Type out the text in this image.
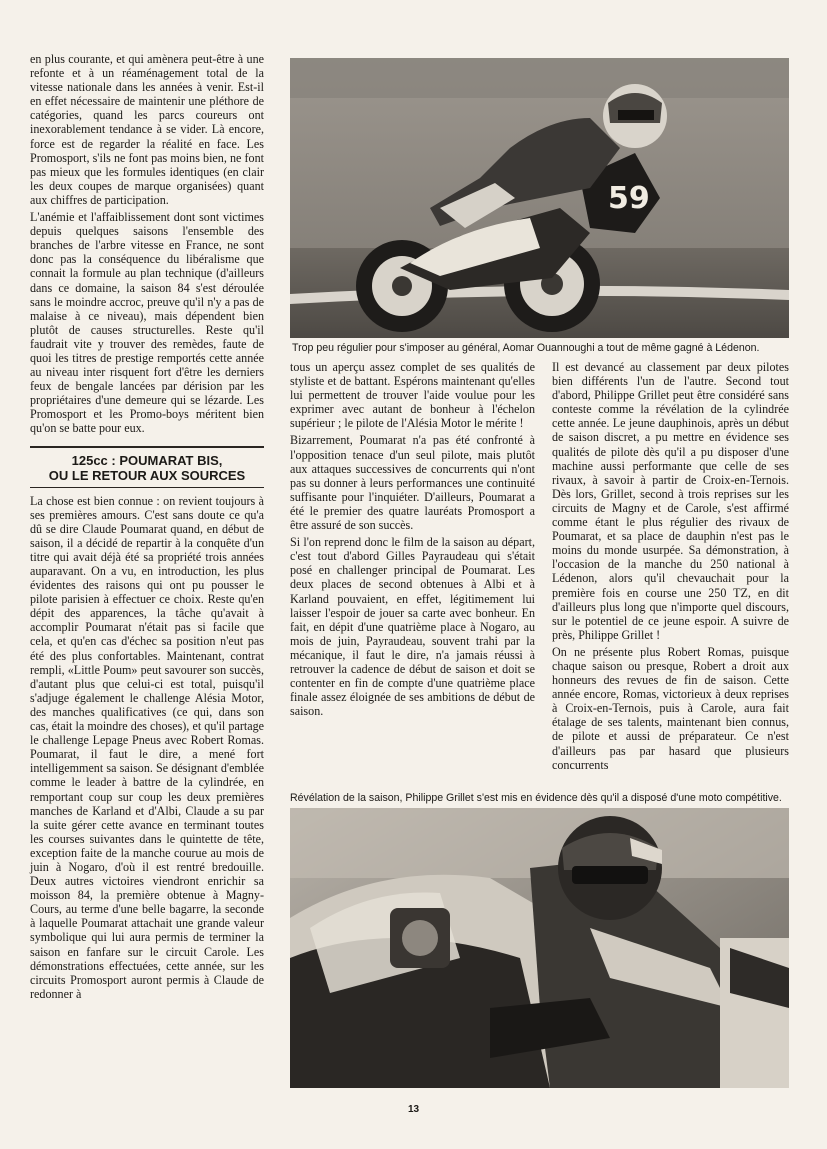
en plus courante, et qui amènera peut-être à une refonte et à un réaménagement total de la vitesse nationale dans les années à venir. Est-il en effet nécessaire de maintenir une pléthore de catégories, quand les parcs coureurs ont inexorablement tendance à se vider. Là encore, force est de regarder la réalité en face. Les Promosport, s'ils ne font pas moins bien, ne font pas mieux que les formules identiques (en clair les deux coupes de marque organisées) quant aux chiffres de participation.

L'anémie et l'affaiblissement dont sont victimes depuis quelques saisons l'ensemble des branches de l'arbre vitesse en France, ne sont donc pas la conséquence du libéralisme que connait la formule au plan technique (d'ailleurs dans ce domaine, la saison 84 s'est déroulée sans le moindre accroc, preuve qu'il n'y a pas de malaise à ce niveau), mais dépendent bien plutôt de causes structurelles. Reste qu'il faudrait vite y trouver des remèdes, faute de quoi les titres de prestige remportés cette année au niveau inter risquent fort d'être les derniers feux de bengale lancées par dérision par les propriétaires d'une demeure qui se lézarde. Les Promosport et les Promo-boys méritent bien qu'on se batte pour eux.

125cc : POUMARAT BIS,
OU LE RETOUR AUX SOURCES

La chose est bien connue : on revient toujours à ses premières amours. C'est sans doute ce qu'a dû se dire Claude Poumarat quand, en début de saison, il a décidé de repartir à la conquête d'un titre qui avait déjà été sa propriété trois années auparavant. On a vu, en introduction, les plus évidentes des raisons qui ont pu pousser le pilote parisien à effectuer ce choix. Reste qu'en dépit des apparences, la tâche qu'avait à accomplir Poumarat n'était pas si facile que cela, et qu'en cas d'échec sa position n'eut pas été des plus confortables. Maintenant, contrat rempli, «Little Poum» peut savourer son succès, d'autant plus que celui-ci est total, puisqu'il s'adjuge également le challenge Alésia Motor, des manches qualificatives (ce qui, dans son cas, était la moindre des choses), et qu'il partage le challenge Lepage Pneus avec Robert Romas. Poumarat, il faut le dire, a mené fort intelligemment sa saison. Se désignant d'emblée comme le leader à battre de la cylindrée, en remportant coup sur coup les deux premières manches de Karland et d'Albi, Claude a su par la suite gérer cette avance en terminant toutes les courses suivantes dans le quintette de tête, exception faite de la manche courue au mois de juin à Nogaro, d'où il est rentré bredouille. Deux autres victoires viendront enrichir sa moisson 84, la première obtenue à Magny-Cours, au terme d'une belle bagarre, la seconde à laquelle Poumarat attachait une grande valeur symbolique qui lui aura permis de terminer la saison en fanfare sur le circuit Carole. Les démonstrations effectuées, cette année, sur les circuits Promosport auront permis à Claude de redonner à

59
Trop peu régulier pour s'imposer au général, Aomar Ouannoughi a tout de même gagné à Lédenon.

tous un aperçu assez complet de ses qualités de styliste et de battant. Espérons maintenant qu'elles lui permettent de trouver l'aide voulue pour les exprimer avec autant de bonheur à l'échelon supérieur ; le pilote de l'Alésia Motor le mérite !

Bizarrement, Poumarat n'a pas été confronté à l'opposition tenace d'un seul pilote, mais plutôt aux attaques successives de concurrents qui n'ont pas su donner à leurs performances une continuité suffisante pour l'inquiéter. D'ailleurs, Poumarat a été le premier des quatre lauréats Promosport a être assuré de son succès.

Si l'on reprend donc le film de la saison au départ, c'est tout d'abord Gilles Payraudeau qui s'était posé en challenger principal de Poumarat. Les deux places de second obtenues à Albi et à Karland pouvaient, en effet, légitimement lui laisser l'espoir de jouer sa carte avec bonheur. En fait, en dépit d'une quatrième place à Nogaro, au mois de juin, Payraudeau, souvent trahi par la mécanique, il faut le dire, n'a jamais réussi à retrouver la cadence de début de saison et doit se contenter en fin de compte d'une quatrième place finale assez éloignée de ses ambitions de début de saison.

Il est devancé au classement par deux pilotes bien différents l'un de l'autre. Second tout d'abord, Philippe Grillet peut être considéré sans conteste comme la révélation de la cylindrée cette année. Le jeune dauphinois, après un début de saison discret, a pu mettre en évidence ses qualités de pilote dès qu'il a pu disposer d'une machine aussi performante que celle de ses rivaux, à savoir à partir de Croix-en-Ternois. Dès lors, Grillet, second à trois reprises sur les circuits de Magny et de Carole, s'est affirmé comme étant le plus régulier des rivaux de Poumarat, et sa place de dauphin n'est pas le moins du monde usurpée. Sa démonstration, à l'occasion de la manche du 250 national à Lédenon, alors qu'il chevauchait pour la première fois en course une 250 TZ, en dit d'ailleurs plus long que n'importe quel discours, sur le potentiel de ce jeune espoir. A suivre de près, Philippe Grillet !

On ne présente plus Robert Romas, puisque chaque saison ou presque, Robert a droit aux honneurs des revues de fin de saison. Cette année encore, Romas, victorieux à deux reprises à Croix-en-Ternois, puis à Carole, aura fait étalage de ses talents, maintenant bien connus, de pilote et aussi de préparateur. Ce n'est d'ailleurs pas par hasard que plusieurs concurrents

Révélation de la saison, Philippe Grillet s'est mis en évidence dès qu'il a disposé d'une moto compétitive.
13
